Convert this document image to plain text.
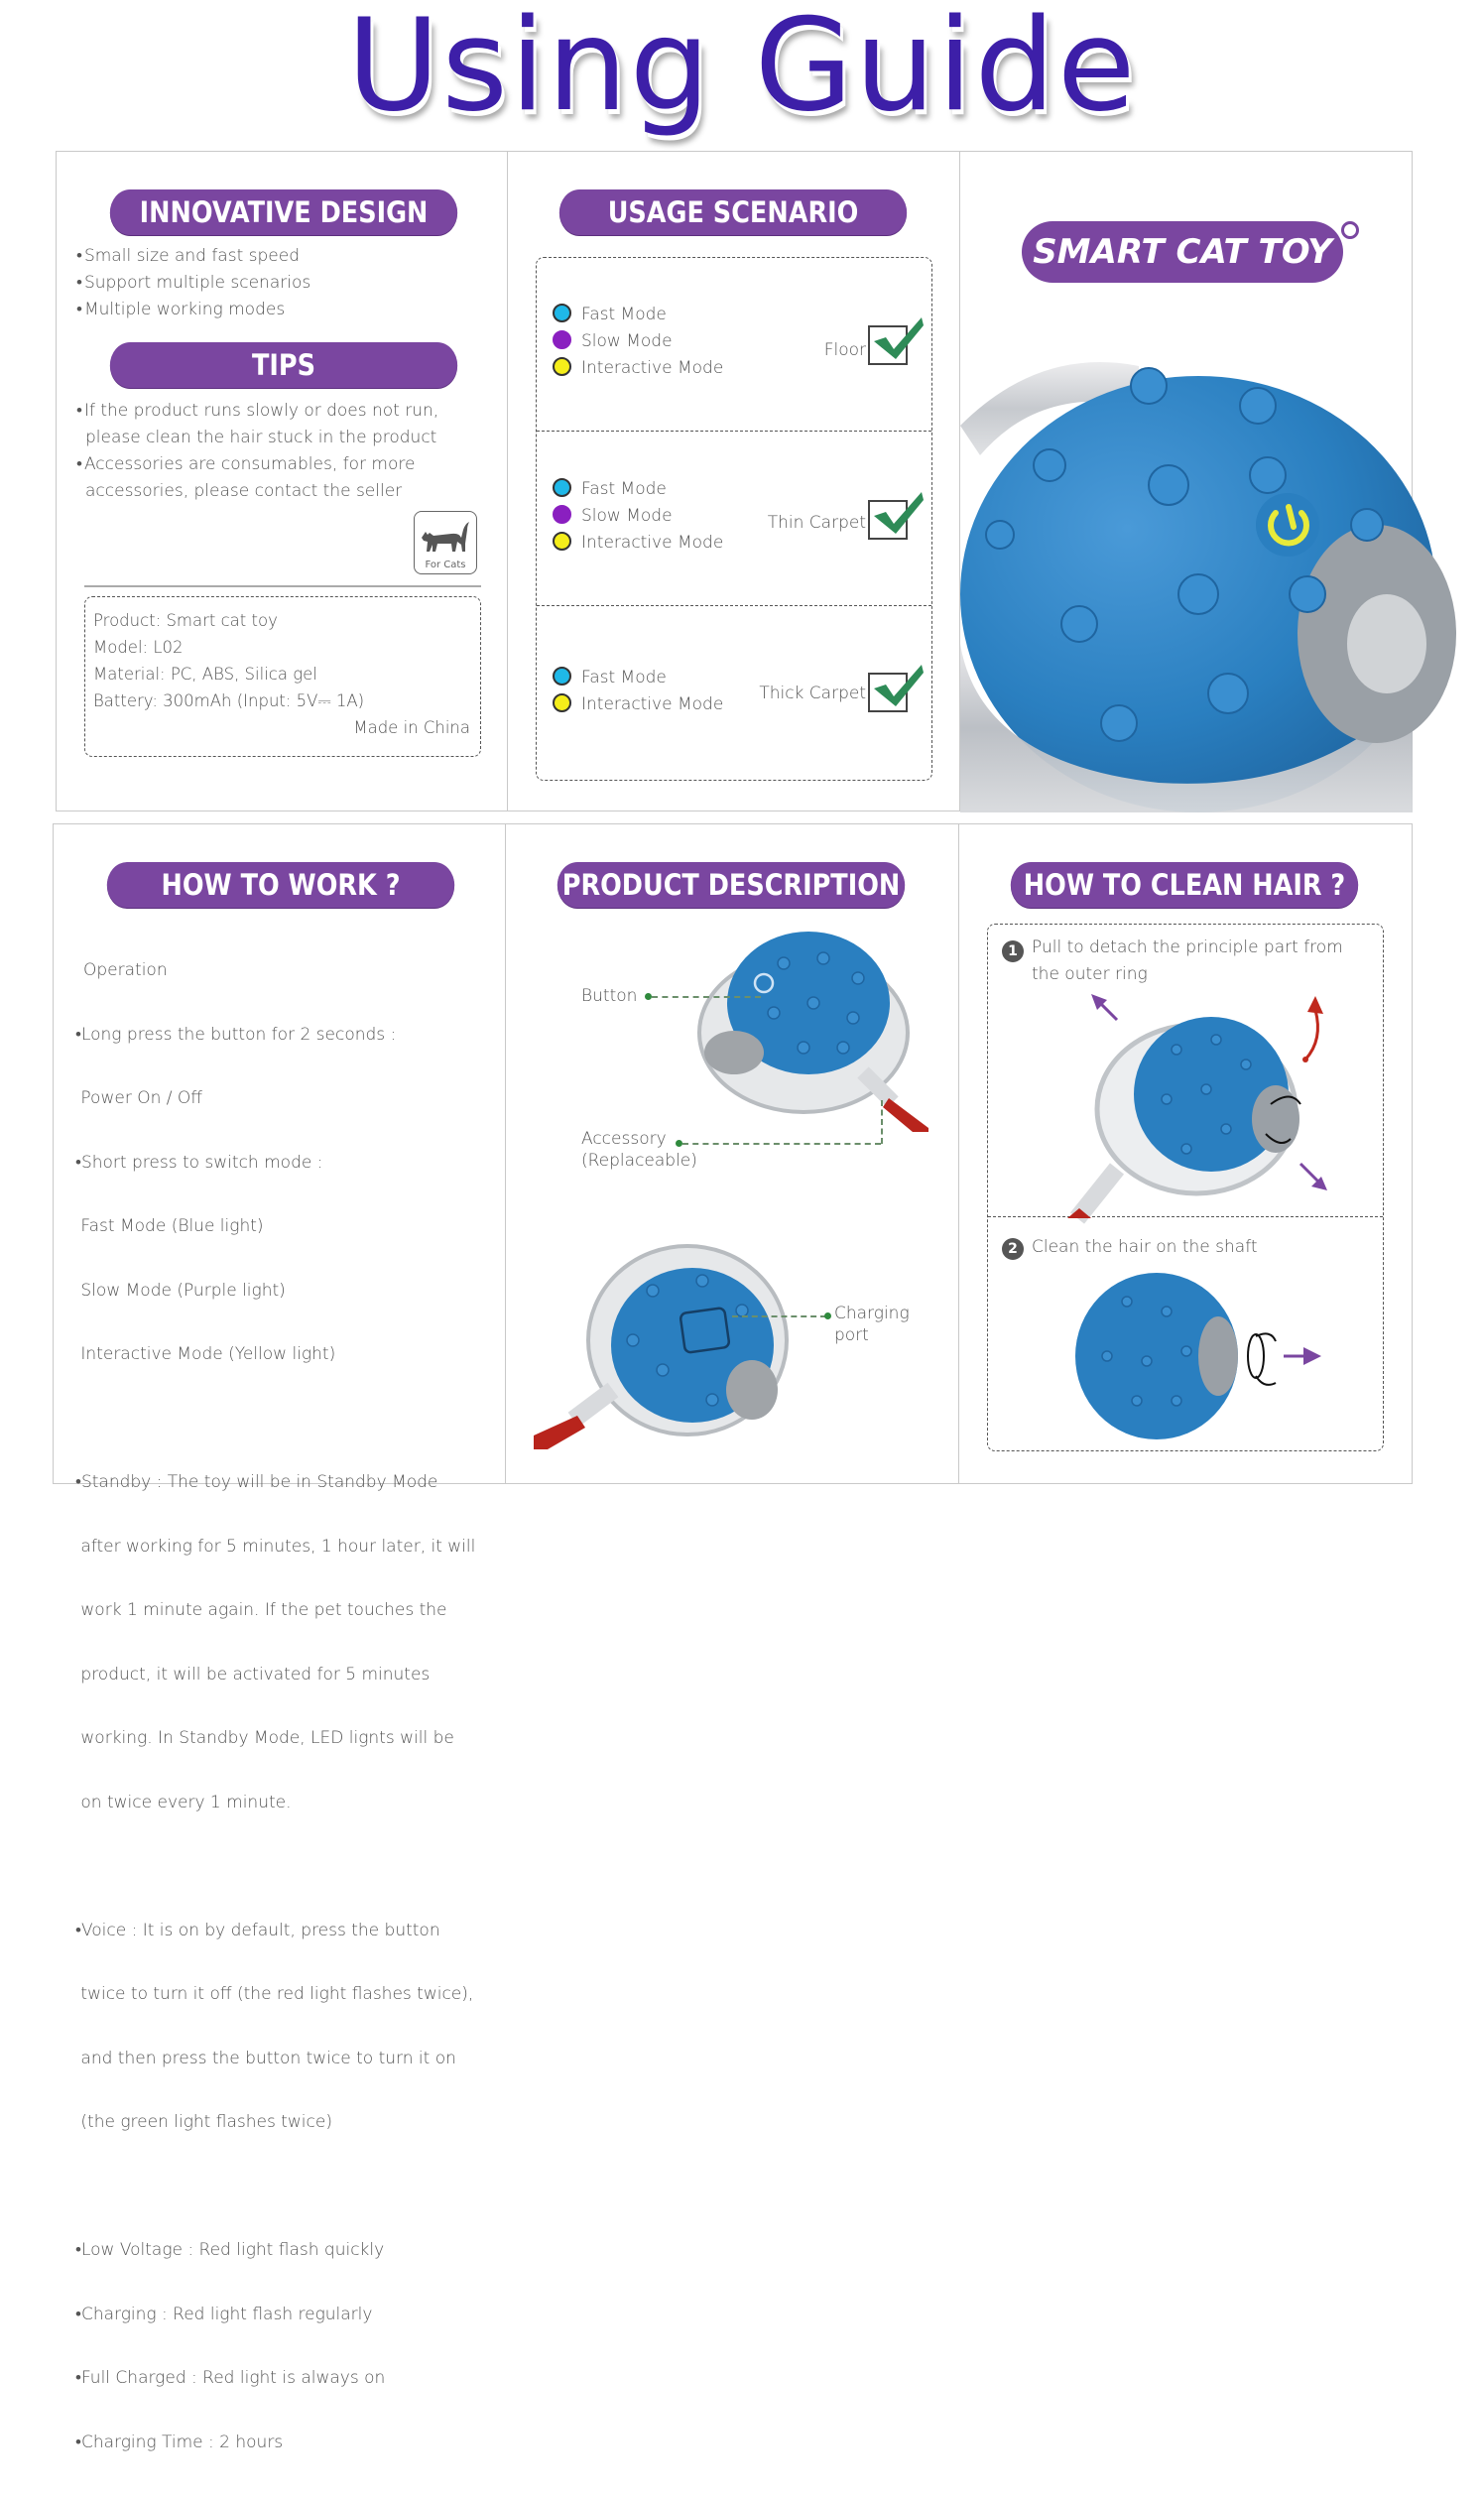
Using Guide
INNOVATIVE DESIGN
• Small size and fast speed
• Support multiple scenarios
• Multiple working modes
TIPS
• If the product runs slowly or does not run,
please clean the hair stuck in the product
• Accessories are consumables, for more
accessories, please contact the seller
For Cats
Product: Smart cat toy
Model: L02
Material: PC, ABS, Silica gel
Battery: 300mAh (Input: 5V⎓ 1A)
Made in China
USAGE SCENARIO
Fast Mode
Slow Mode
Interactive Mode
Floor
Fast Mode
Slow Mode
Interactive Mode
Thin Carpet
Fast Mode
Interactive Mode
Thick Carpet
SMART CAT TOY
HOW TO WORK ?

Operation

•Long press the button for 2 seconds :

Power On / Off

•Short press to switch mode :

Fast Mode (Blue light)

Slow Mode (Purple light)

Interactive Mode (Yellow light)

•Standby : The toy will be in Standby Mode

after working for 5 minutes, 1 hour later, it will

work 1 minute again. If the pet touches the

product, it will be activated for 5 minutes

working. In Standby Mode, LED lignts will be

on twice every 1 minute.

•Voice : It is on by default, press the button

twice to turn it off (the red light flashes twice),

and then press the button twice to turn it on

(the green light flashes twice)

•Low Voltage : Red light flash quickly

•Charging : Red light flash regularly

•Full Charged : Red light is always on

•Charging Time : 2 hours

PRODUCT DESCRIPTION
Button
Accessory
(Replaceable)
Charging
port
HOW TO CLEAN HAIR ?
1 Pull to detach the principle part from
the outer ring
2 Clean the hair on the shaft
